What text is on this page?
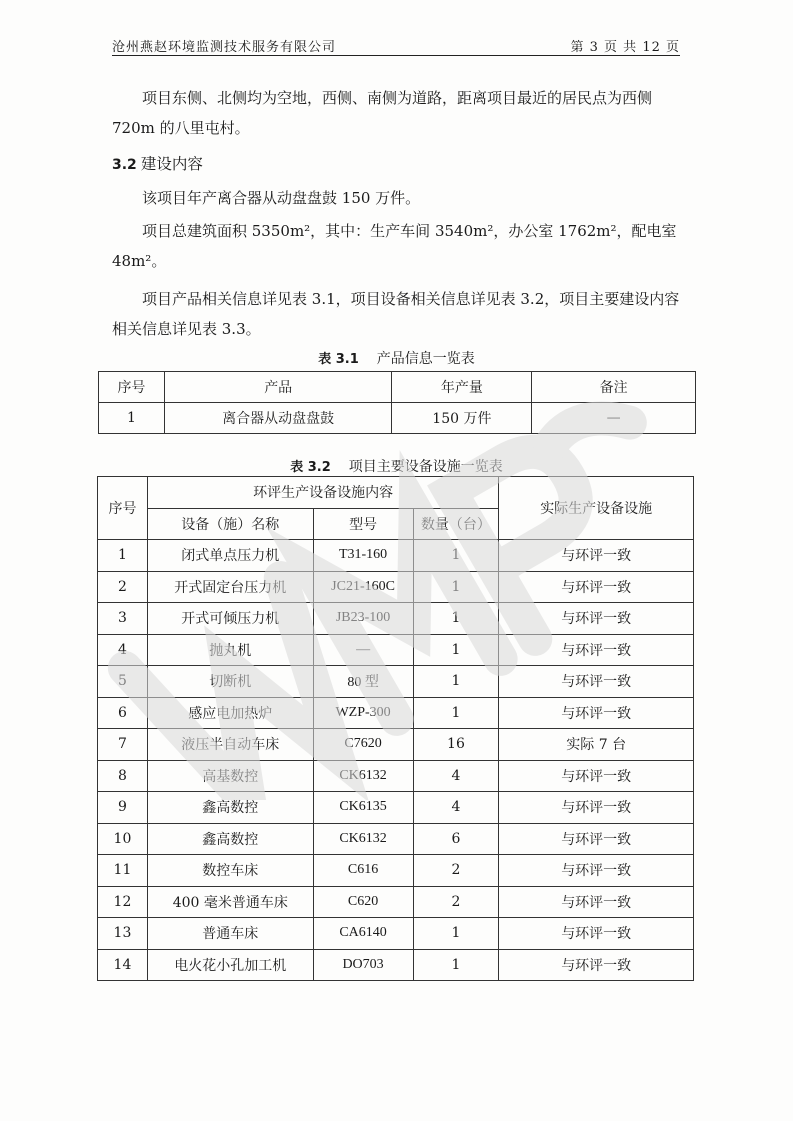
沧州燕赵环境监测技术服务有限公司	第 3 页 共 12 页
项目东侧、北侧均为空地，西侧、南侧为道路，距离项目最近的居民点为西侧 720m 的八里屯村。
3.2 建设内容
该项目年产离合器从动盘盘鼓 150 万件。
项目总建筑面积 5350m²，其中：生产车间 3540m²，办公室 1762m²，配电室 48m²。
项目产品相关信息详见表 3.1，项目设备相关信息详见表 3.2，项目主要建设内容相关信息详见表 3.3。
表 3.1 产品信息一览表
序号	产品	年产量	备注
1	离合器从动盘盘鼓	150 万件	—
表 3.2 项目主要设备设施一览表
序号	环评生产设备设施内容			实际生产设备设施
	设备（施）名称	型号	数量（台）	
1	闭式单点压力机	T31-160	1	与环评一致
2	开式固定台压力机	JC21-160C	1	与环评一致
3	开式可倾压力机	JB23-100	1	与环评一致
4	抛丸机	—	1	与环评一致
5	切断机	80 型	1	与环评一致
6	感应电加热炉	WZP-300	1	与环评一致
7	液压半自动车床	C7620	16	实际 7 台
8	高基数控	CK6132	4	与环评一致
9	鑫高数控	CK6135	4	与环评一致
10	鑫高数控	CK6132	6	与环评一致
11	数控车床	C616	2	与环评一致
12	400 毫米普通车床	C620	2	与环评一致
13	普通车床	CA6140	1	与环评一致
14	电火花小孔加工机	DO703	1	与环评一致
